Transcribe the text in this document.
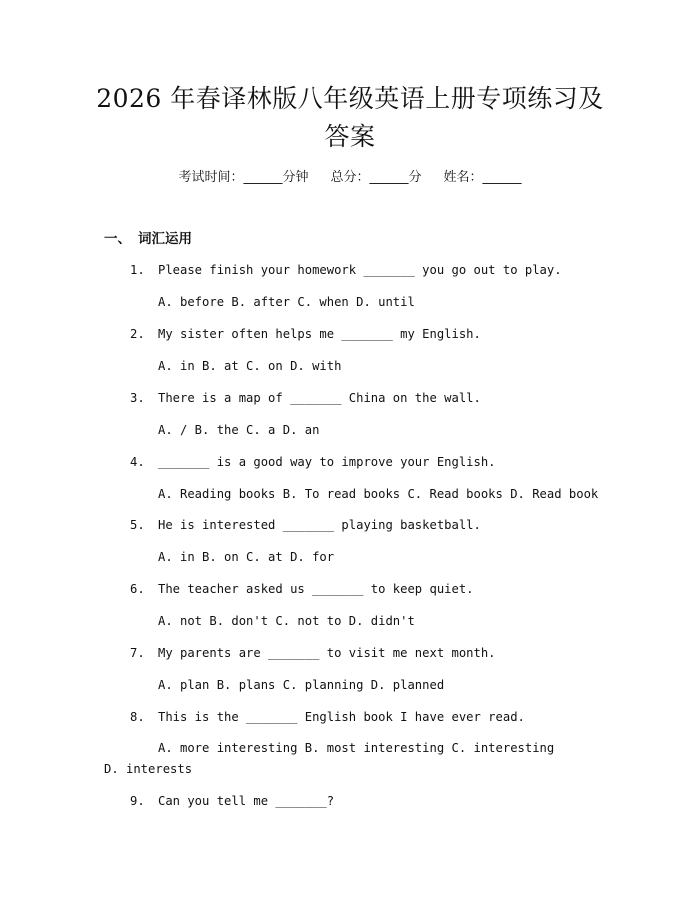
2026 年春译林版八年级英语上册专项练习及
答案
考试时间：______分钟 总分：______分 姓名：______
一、 词汇运用
1.	Please finish your homework _______ you go out to play.
A. before B. after C. when D. until
2.	My sister often helps me _______ my English.
A. in B. at C. on D. with
3.	There is a map of _______ China on the wall.
A. / B. the C. a D. an
4.	_______ is a good way to improve your English.
A. Reading books B. To read books C. Read books D. Read book
5.	He is interested _______ playing basketball.
A. in B. on C. at D. for
6.	The teacher asked us _______ to keep quiet.
A. not B. don't C. not to D. didn't
7.	My parents are _______ to visit me next month.
A. plan B. plans C. planning D. planned
8.	This is the _______ English book I have ever read.
A. more interesting B. most interesting C. interesting D. interests
9.	Can you tell me _______?
